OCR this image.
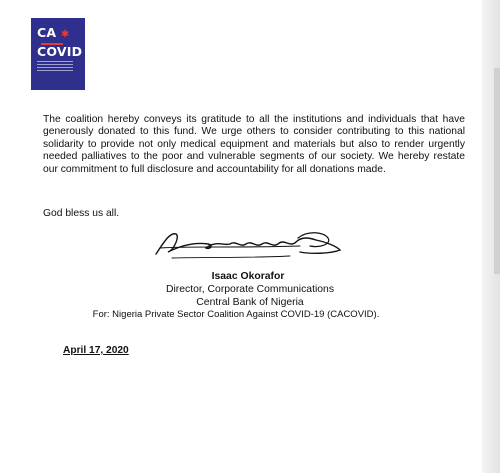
CA ✱
COVID

The coalition hereby conveys its gratitude to all the institutions and individuals that have generously donated to this fund. We urge others to consider contributing to this national solidarity to provide not only medical equipment and materials but also to render urgently needed palliatives to the poor and vulnerable segments of our society. We hereby restate our commitment to full disclosure and accountability for all donations made.

God bless us all.

Isaac Okorafor
Director, Corporate Communications
Central Bank of Nigeria
For: Nigeria Private Sector Coalition Against COVID-19 (CACOVID).

April 17, 2020
